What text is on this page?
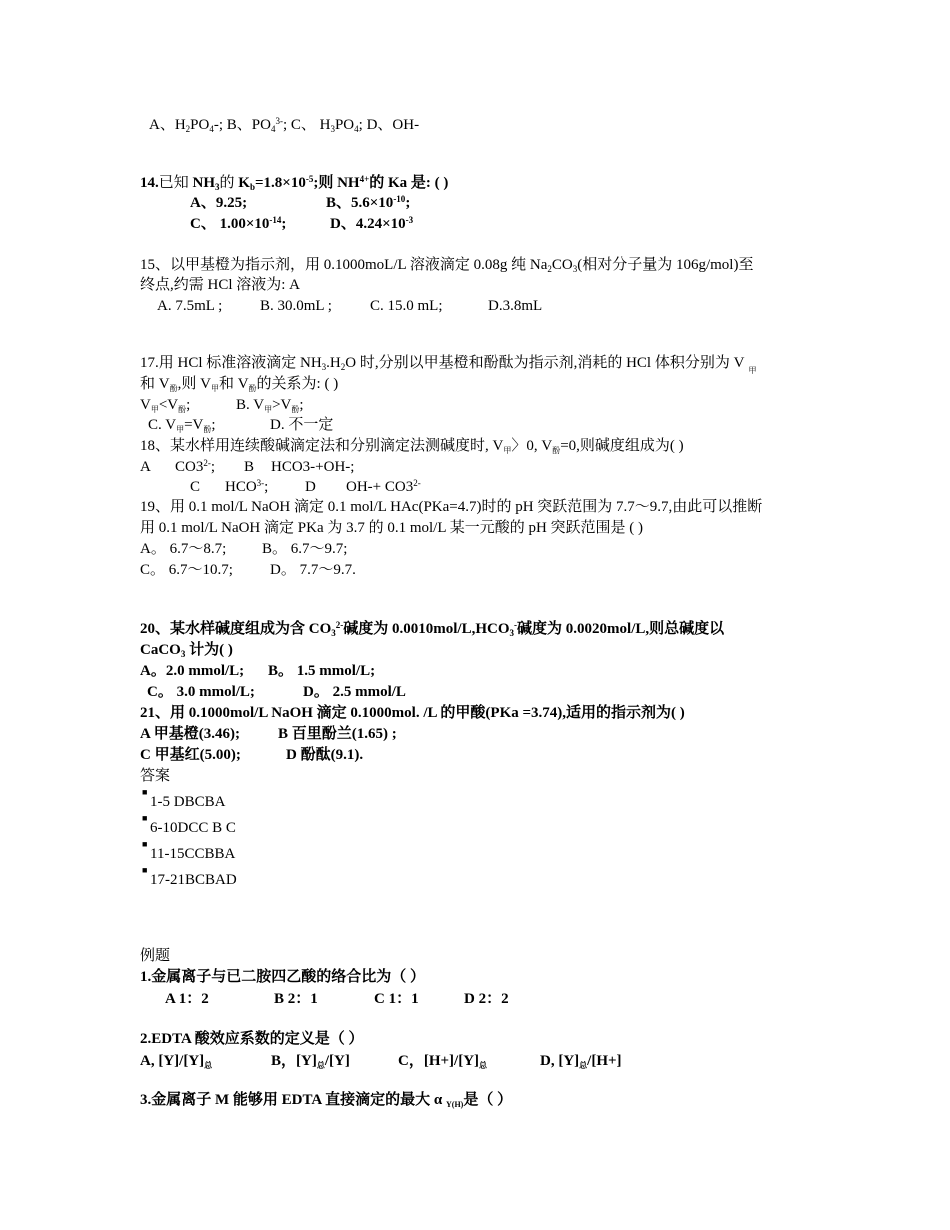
A、$H_2PO_4-$; B、$PO_4^{3-}$; C、 $H_3PO_4$; D、OH-
14.已知 $NH_3$的 $K_b=1.8\times 10^{-5}$;则 $NH^{4+}$的 Ka 是: ( )
A、9.25;	B、$5.6\times 10^{-10}$;
C、 $1.00\times 10^{-14}$;	D、$4.24\times 10^{-3}$
15、以甲基橙为指示剂，用 0.1000moL/L 溶液滴定 0.08g 纯 $Na_2CO_3$(相对分子量为 106g/mol)至
终点,约需 HCl 溶液为: A
A. 7.5mL ;	B. 30.0mL ;	C. 15.0 mL;	D.3.8mL
17.用 HCl 标准溶液滴定 $NH_3.H_2O$ 时,分别以甲基橙和酚酞为指示剂,消耗的 HCl 体积分别为 V $_甲$
和 $V_酚$,则 $V_甲$和 $V_酚$的关系为: ( )
$V_甲<V_酚$;	B. $V_甲>V_酚$;
C. $V_甲=V_酚$;	D. 不一定
18、某水样用连续酸碱滴定法和分别滴定法测碱度时, $V_甲$〉0, $V_酚=0$,则碱度组成为( )
A $CO3^{2-}$; B HCO3-+OH-;
C $HCO^{3-}$; D $OH-+ CO3^{2-}$
19、用 0.1 mol/L NaOH 滴定 0.1 mol/L HAc(PKa=4.7)时的 pH 突跃范围为 7.7～9.7,由此可以推断
用 0.1 mol/L NaOH 滴定 PKa 为 3.7 的 0.1 mol/L 某一元酸的 pH 突跃范围是 ( )
A。 6.7～8.7; B。 6.7～9.7;
C。 6.7～10.7; D。 7.7～9.7.
20、某水样碱度组成为含 $CO_3^{2-}$碱度为 $0.0010mol/L,HCO_3^-$碱度为 0.0020mol/L,则总碱度以
CaCO$_3$ 计为( )
A。2.0 mmol/L; B。 1.5 mmol/L;
C。 3.0 mmol/L;	D。 2.5 mmol/L
21、用 0.1000mol/L NaOH 滴定 0.1000mol. /L 的甲酸(PKa =3.74),适用的指示剂为( )
A 甲基橙(3.46);	B 百里酚兰(1.65) ;
C 甲基红(5.00);	D 酚酞(9.1).
答案
■
1-5 DBCBA
■
6-10DCC B C
■
11-15CCBBA
■
17-21BCBAD
例题
1.金属离子与已二胺四乙酸的络合比为（ ）
A 1：2	B 2：1	C 1：1	D 2：2
2.EDTA 酸效应系数的定义是（ ）
A, $[Y]/[Y]_总$	B，$[Y]_总/[Y]$	C，$[H+]/[Y]_总$	D, $[Y]_总/[H+]$
3.金属离子 M 能够用 EDTA 直接滴定的最大 α $_{Y(H)}$是（ ）
